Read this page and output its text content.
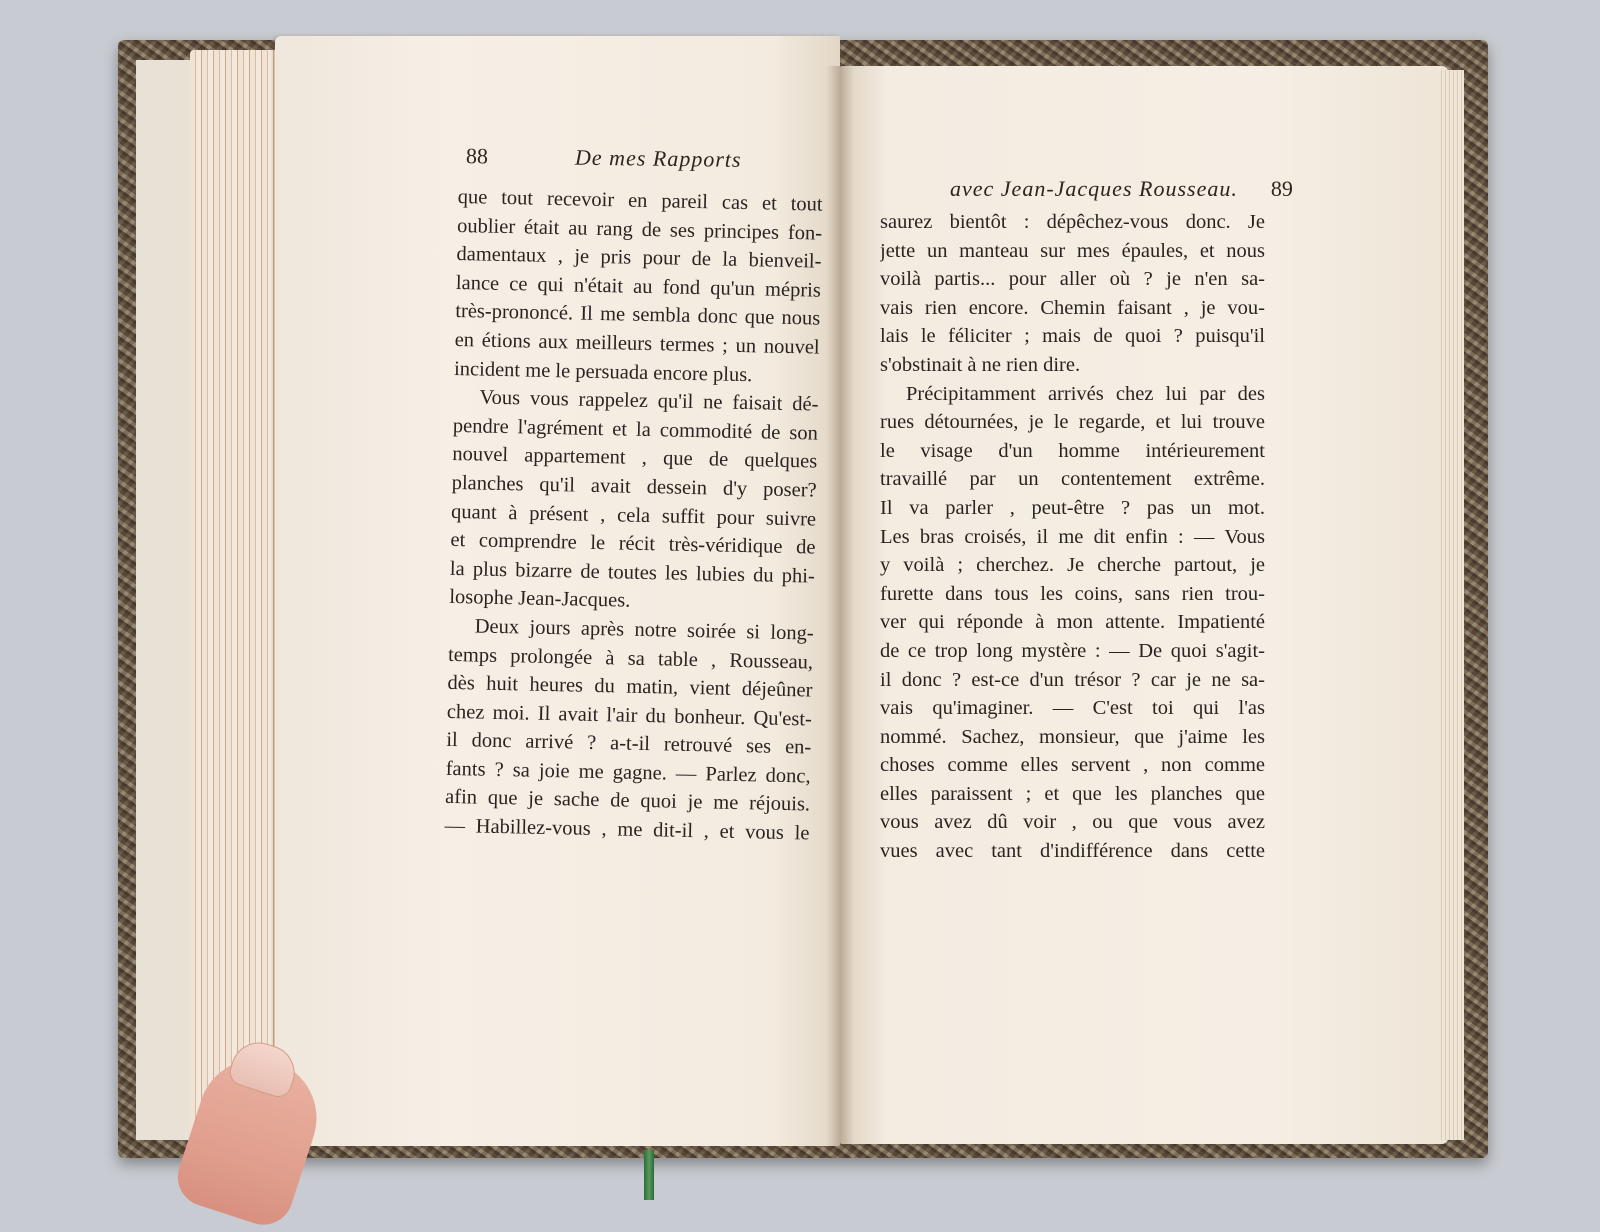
88	De mes Rapports
avec Jean-Jacques Rousseau. 89
que tout recevoir en pareil cas et tout
oublier était au rang de ses principes fon-
damentaux , je pris pour de la bienveil-
lance ce qui n'était au fond qu'un mépris
très-prononcé. Il me sembla donc que nous
en étions aux meilleurs termes ; un nouvel
incident me le persuada encore plus.
Vous vous rappelez qu'il ne faisait dé-
pendre l'agrément et la commodité de son
nouvel appartement , que de quelques
planches qu'il avait dessein d'y poser?
quant à présent , cela suffit pour suivre
et comprendre le récit très-véridique de
la plus bizarre de toutes les lubies du phi-
losophe Jean-Jacques.
Deux jours après notre soirée si long-
temps prolongée à sa table , Rousseau,
dès huit heures du matin, vient déjeûner
chez moi. Il avait l'air du bonheur. Qu'est-
il donc arrivé ? a-t-il retrouvé ses en-
fants ? sa joie me gagne. — Parlez donc,
afin que je sache de quoi je me réjouis.
— Habillez-vous , me dit-il , et vous le
saurez bientôt : dépêchez-vous donc. Je
jette un manteau sur mes épaules, et nous
voilà partis... pour aller où ? je n'en sa-
vais rien encore. Chemin faisant , je vou-
lais le féliciter ; mais de quoi ? puisqu'il
s'obstinait à ne rien dire.
Précipitamment arrivés chez lui par des
rues détournées, je le regarde, et lui trouve
le visage d'un homme intérieurement
travaillé par un contentement extrême.
Il va parler , peut-être ? pas un mot.
Les bras croisés, il me dit enfin : — Vous
y voilà ; cherchez. Je cherche partout, je
furette dans tous les coins, sans rien trou-
ver qui réponde à mon attente. Impatienté
de ce trop long mystère : — De quoi s'agit-
il donc ? est-ce d'un trésor ? car je ne sa-
vais qu'imaginer. — C'est toi qui l'as
nommé. Sachez, monsieur, que j'aime les
choses comme elles servent , non comme
elles paraissent ; et que les planches que
vous avez dû voir , ou que vous avez
vues avec tant d'indifférence dans cette
